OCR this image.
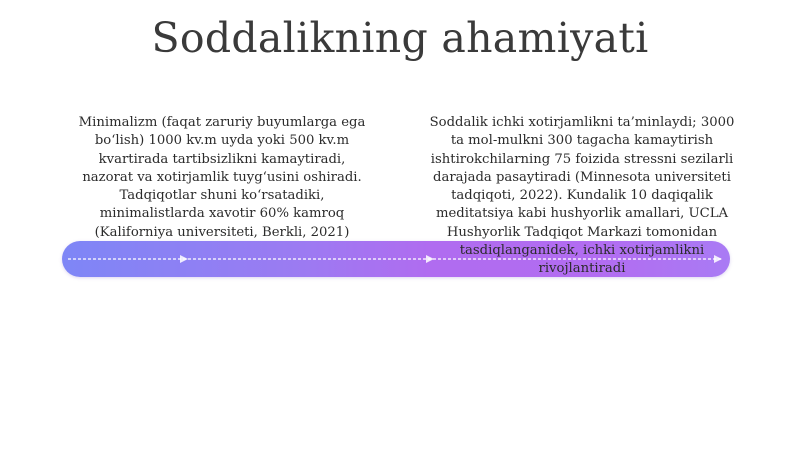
Soddalikning ahamiyati
Minimalizm (faqat zaruriy buyumlarga ega bo‘lish) 1000 kv.m uyda yoki 500 kv.m kvartirada tartibsizlikni kamaytiradi, nazorat va xotirjamlik tuyg‘usini oshiradi. Tadqiqotlar shuni ko‘rsatadiki, minimalistlarda xavotir 60% kamroq (Kaliforniya universiteti, Berkli, 2021)
Soddalik ichki xotirjamlikni ta’minlaydi; 3000 ta mol-mulkni 300 tagacha kamaytirish ishtirokchilarning 75 foizida stressni sezilarli darajada pasaytiradi (Minnesota universiteti tadqiqoti, 2022). Kundalik 10 daqiqalik meditatsiya kabi hushyorlik amallari, UCLA Hushyorlik Tadqiqot Markazi tomonidan tasdiqlanganidek, ichki xotirjamlikni rivojlantiradi
